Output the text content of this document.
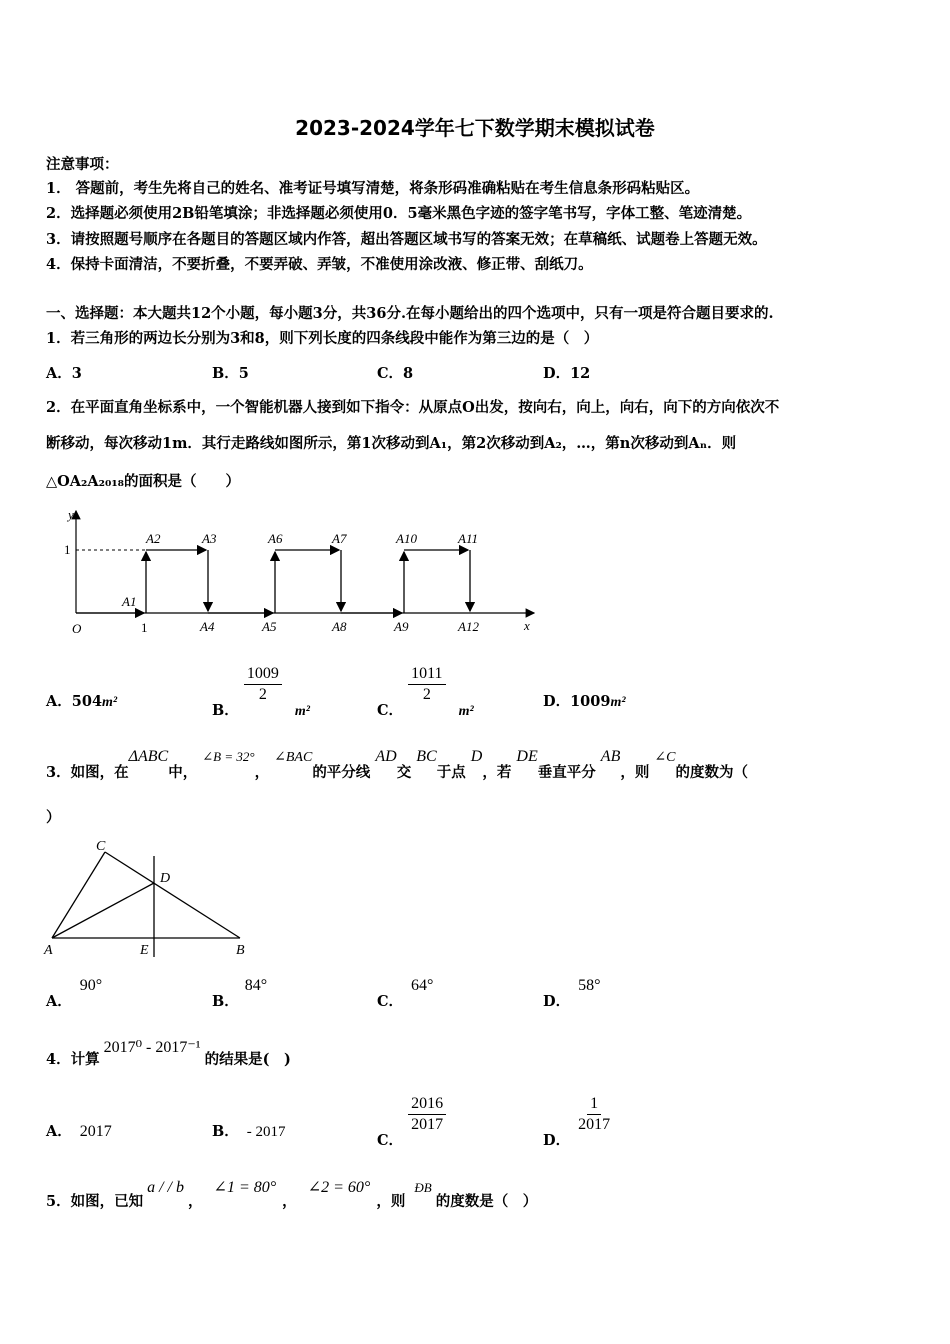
2023-2024学年七下数学期末模拟试卷
注意事项：
1． 答题前，考生先将自己的姓名、准考证号填写清楚，将条形码准确粘贴在考生信息条形码粘贴区。
2．选择题必须使用2B铅笔填涂；非选择题必须使用0．5毫米黑色字迹的签字笔书写，字体工整、笔迹清楚。
3．请按照题号顺序在各题目的答题区域内作答，超出答题区域书写的答案无效；在草稿纸、试题卷上答题无效。
4．保持卡面清洁，不要折叠，不要弄破、弄皱，不准使用涂改液、修正带、刮纸刀。
一、选择题：本大题共12个小题，每小题3分，共36分.在每小题给出的四个选项中，只有一项是符合题目要求的.
1．若三角形的两边长分别为3和8，则下列长度的四条线段中能作为第三边的是（　）
A．3	B．5	C．8	D．12
2．在平面直角坐标系中，一个智能机器人接到如下指令：从原点O出发，按向右，向上，向右，向下的方向依次不
断移动，每次移动1m．其行走路线如图所示，第1次移动到A₁，第2次移动到A₂，…，第n次移动到Aₙ．则
△OA₂A₂₀₁₈的面积是（　　）
y
x
O
1
1
A1
A2	A3
A4	A5
A6	A7
A8	A9
A10	A11
A12
A．504m²	B．
$\frac{1009}{2}$
m²	C．
$\frac{1011}{2}$
m²
D．1009m²
3．如图，在ΔABC中， ∠B = 32°， ∠BAC的平分线 AD交 BC于点 D，若 DE垂直平分 AB，则 ∠C的度数为（
）
A	B
C
D
E
A．90°
B．84°
C．64°
D．58°
4．计算2017⁰ - 2017⁻¹的结果是(　)
A． 2017	B． - 2017	C．
$\frac{2016}{2017}$
D．
$\frac{1}{2017}$
5．如图，已知a / / b， ∠1 = 80°， ∠2 = 60°，则 ÐB的度数是（　）
